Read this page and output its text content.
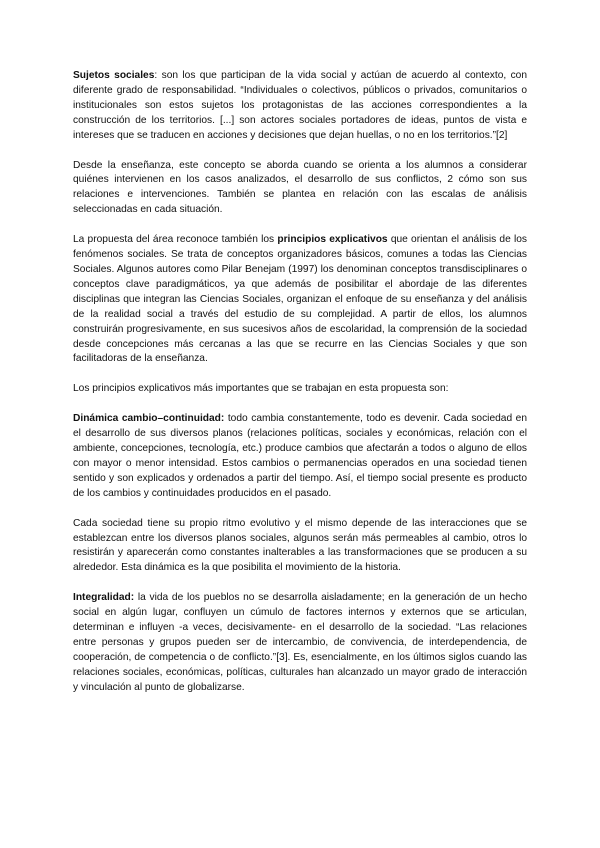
Sujetos sociales: son los que participan de la vida social y actúan de acuerdo al contexto, con diferente grado de responsabilidad. “Individuales o colectivos, públicos o privados, comunitarios o institucionales son estos sujetos los protagonistas de las acciones correspondientes a la construcción de los territorios. [...] son actores sociales portadores de ideas, puntos de vista e intereses que se traducen en acciones y decisiones que dejan huellas, o no en los territorios.”[2]

Desde la enseñanza, este concepto se aborda cuando se orienta a los alumnos a considerar quiénes intervienen en los casos analizados, el desarrollo de sus conflictos, 2 cómo son sus relaciones e intervenciones. También se plantea en relación con las escalas de análisis seleccionadas en cada situación.

La propuesta del área reconoce también los principios explicativos que orientan el análisis de los fenómenos sociales. Se trata de conceptos organizadores básicos, comunes a todas las Ciencias Sociales. Algunos autores como Pilar Benejam (1997) los denominan conceptos transdisciplinares o conceptos clave paradigmáticos, ya que además de posibilitar el abordaje de las diferentes disciplinas que integran las Ciencias Sociales, organizan el enfoque de su enseñanza y del análisis de la realidad social a través del estudio de su complejidad. A partir de ellos, los alumnos construirán progresivamente, en sus sucesivos años de escolaridad, la comprensión de la sociedad desde concepciones más cercanas a las que se recurre en las Ciencias Sociales y que son facilitadoras de la enseñanza.

Los principios explicativos más importantes que se trabajan en esta propuesta son:

Dinámica cambio–continuidad: todo cambia constantemente, todo es devenir. Cada sociedad en el desarrollo de sus diversos planos (relaciones políticas, sociales y económicas, relación con el ambiente, concepciones, tecnología, etc.) produce cambios que afectarán a todos o alguno de ellos con mayor o menor intensidad. Estos cambios o permanencias operados en una sociedad tienen sentido y son explicados y ordenados a partir del tiempo. Así, el tiempo social presente es producto de los cambios y continuidades producidos en el pasado.

Cada sociedad tiene su propio ritmo evolutivo y el mismo depende de las interacciones que se establezcan entre los diversos planos sociales, algunos serán más permeables al cambio, otros lo resistirán y aparecerán como constantes inalterables a las transformaciones que se producen a su alrededor. Esta dinámica es la que posibilita el movimiento de la historia.

Integralidad: la vida de los pueblos no se desarrolla aisladamente; en la generación de un hecho social en algún lugar, confluyen un cúmulo de factores internos y externos que se articulan, determinan e influyen -a veces, decisivamente- en el desarrollo de la sociedad. “Las relaciones entre personas y grupos pueden ser de intercambio, de convivencia, de interdependencia, de cooperación, de competencia o de conflicto.”[3]. Es, esencialmente, en los últimos siglos cuando las relaciones sociales, económicas, políticas, culturales han alcanzado un mayor grado de interacción y vinculación al punto de globalizarse.
